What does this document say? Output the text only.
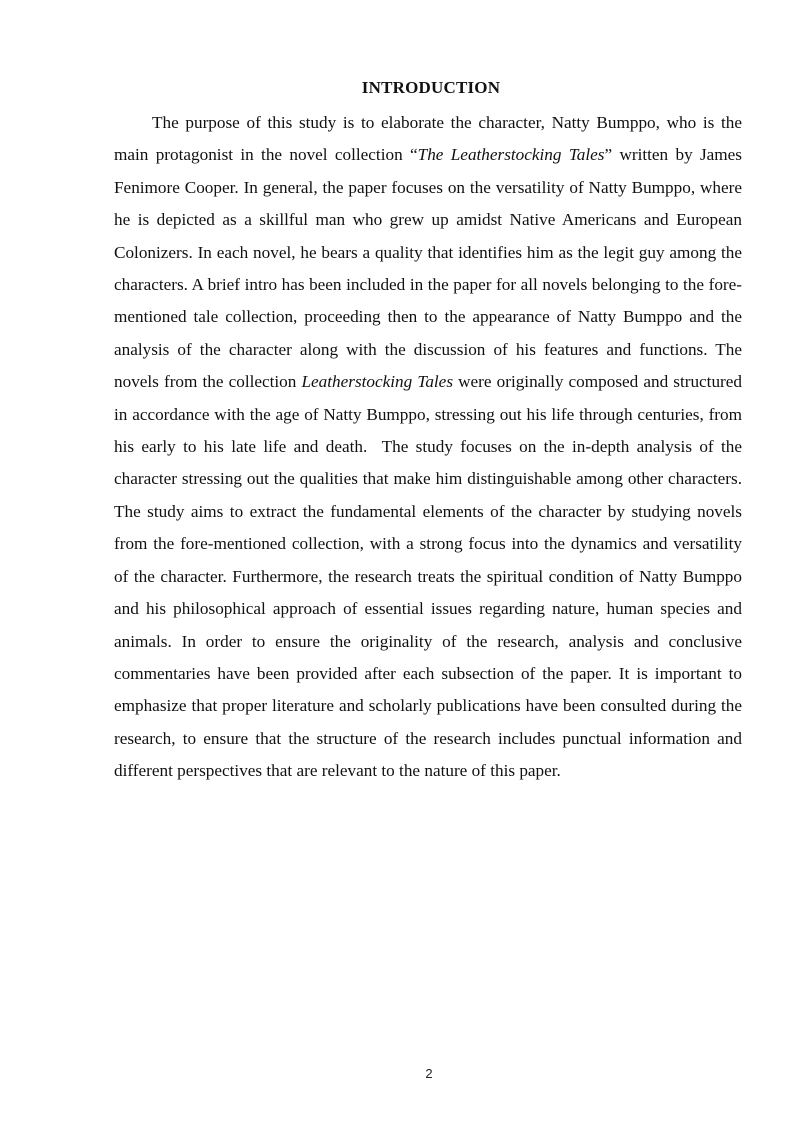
INTRODUCTION

The purpose of this study is to elaborate the character, Natty Bumppo, who is the main protagonist in the novel collection “The Leatherstocking Tales” written by James Fenimore Cooper. In general, the paper focuses on the versatility of Natty Bumppo, where he is depicted as a skillful man who grew up amidst Native Americans and European Colonizers. In each novel, he bears a quality that identifies him as the legit guy among the characters. A brief intro has been included in the paper for all novels belonging to the fore-mentioned tale collection, proceeding then to the appearance of Natty Bumppo and the analysis of the character along with the discussion of his features and functions. The novels from the collection Leatherstocking Tales were originally composed and structured in accordance with the age of Natty Bumppo, stressing out his life through centuries, from his early to his late life and death.  The study focuses on the in-depth analysis of the character stressing out the qualities that make him distinguishable among other characters. The study aims to extract the fundamental elements of the character by studying novels from the fore-mentioned collection, with a strong focus into the dynamics and versatility of the character. Furthermore, the research treats the spiritual condition of Natty Bumppo and his philosophical approach of essential issues regarding nature, human species and animals. In order to ensure the originality of the research, analysis and conclusive commentaries have been provided after each subsection of the paper. It is important to emphasize that proper literature and scholarly publications have been consulted during the research, to ensure that the structure of the research includes punctual information and different perspectives that are relevant to the nature of this paper.

2
